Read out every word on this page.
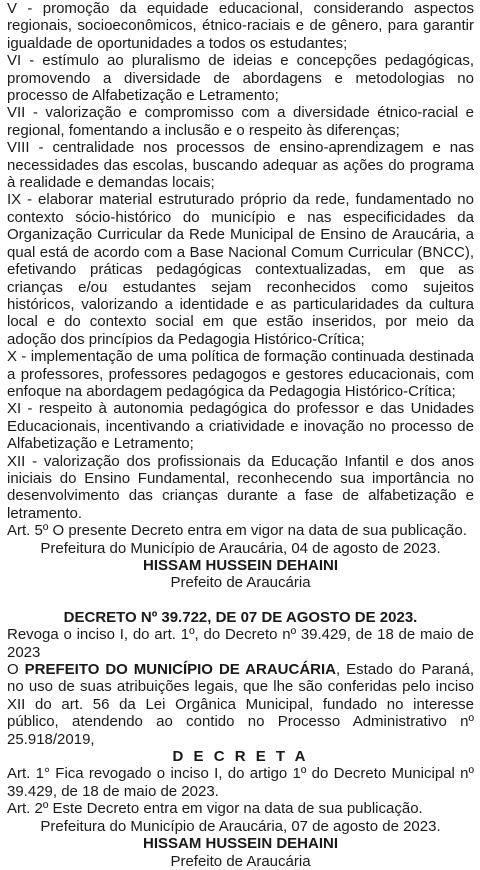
V - promoção da equidade educacional, considerando aspectos regionais, socioeconômicos, étnico-raciais e de gênero, para garantir igualdade de oportunidades a todos os estudantes;

VI - estímulo ao pluralismo de ideias e concepções pedagógicas, promovendo a diversidade de abordagens e metodologias no processo de Alfabetização e Letramento;

VII - valorização e compromisso com a diversidade étnico-racial e regional, fomentando a inclusão e o respeito às diferenças;

VIII - centralidade nos processos de ensino-aprendizagem e nas necessidades das escolas, buscando adequar as ações do programa à realidade e demandas locais;

IX - elaborar material estruturado próprio da rede, fundamentado no contexto sócio-histórico do município e nas especificidades da Organização Curricular da Rede Municipal de Ensino de Araucária, a qual está de acordo com a Base Nacional Comum Curricular (BNCC), efetivando práticas pedagógicas contextualizadas, em que as crianças e/ou estudantes sejam reconhecidos como sujeitos históricos, valorizando a identidade e as particularidades da cultura local e do contexto social em que estão inseridos, por meio da adoção dos princípios da Pedagogia Histórico-Crítica;

X - implementação de uma política de formação continuada destinada a professores, professores pedagogos e gestores educacionais, com enfoque na abordagem pedagógica da Pedagogia Histórico-Crítica;

XI - respeito à autonomia pedagógica do professor e das Unidades Educacionais, incentivando a criatividade e inovação no processo de Alfabetização e Letramento;

XII - valorização dos profissionais da Educação Infantil e dos anos iniciais do Ensino Fundamental, reconhecendo sua importância no desenvolvimento das crianças durante a fase de alfabetização e letramento.

Art. 5º O presente Decreto entra em vigor na data de sua publicação.

Prefeitura do Município de Araucária, 04 de agosto de 2023.

HISSAM HUSSEIN DEHAINI

Prefeito de Araucária

DECRETO Nº 39.722, DE 07 DE AGOSTO DE 2023.

Revoga o inciso I, do art. 1º, do Decreto nº 39.429, de 18 de maio de 2023

O PREFEITO DO MUNICÍPIO DE ARAUCÁRIA, Estado do Paraná, no uso de suas atribuições legais, que lhe são conferidas pelo inciso XII do art. 56 da Lei Orgânica Municipal, fundado no interesse público, atendendo ao contido no Processo Administrativo nº 25.918/2019,

D E C R E T A

Art. 1° Fica revogado o inciso I, do artigo 1º do Decreto Municipal nº 39.429, de 18 de maio de 2023.

Art. 2º Este Decreto entra em vigor na data de sua publicação.

Prefeitura do Município de Araucária, 07 de agosto de 2023.

HISSAM HUSSEIN DEHAINI

Prefeito de Araucária
